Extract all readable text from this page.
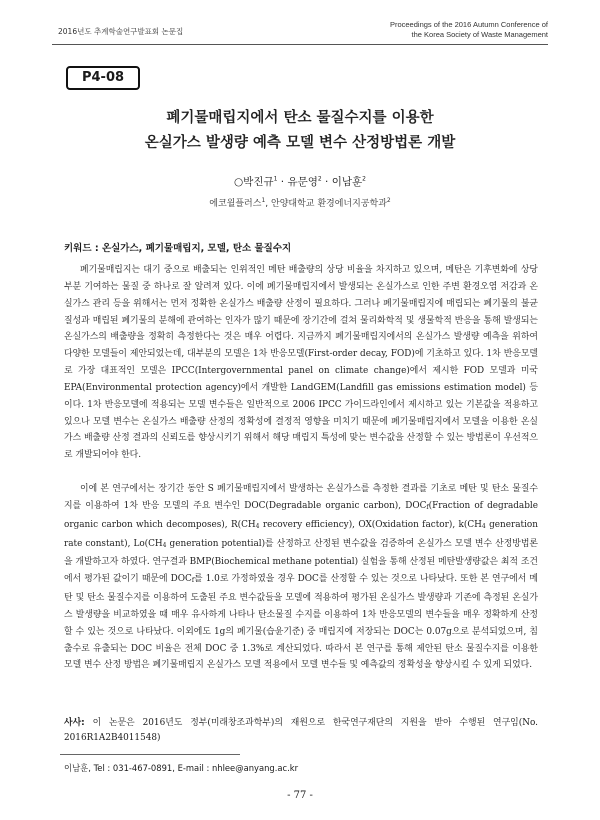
2016년도 추계학술연구발표회 논문집
Proceedings of the 2016 Autumn Conference of
the Korea Society of Waste Management
P4-08
폐기물매립지에서 탄소 물질수지를 이용한
온실가스 발생량 예측 모델 변수 산정방법론 개발
○박진규$^1$ · 유문영$^2$ · 이남훈$^2$
에코윌플러스$^1$, 안양대학교 환경에너지공학과$^2$
키워드 : 온실가스, 폐기물매립지, 모델, 탄소 물질수지

폐기물매립지는 대기 중으로 배출되는 인위적인 메탄 배출량의 상당 비율을 차지하고 있으며, 메탄은 기후변화에 상당부분 기여하는 물질 중 하나로 잘 알려져 있다. 이에 폐기물매립지에서 발생되는 온실가스로 인한 주변 환경오염 저감과 온실가스 관리 등을 위해서는 먼저 정확한 온실가스 배출량 산정이 필요하다. 그러나 폐기물매립지에 매립되는 폐기물의 불균질성과 매립된 폐기물의 분해에 관여하는 인자가 많기 때문에 장기간에 걸쳐 물리화학적 및 생물학적 반응을 통해 발생되는 온실가스의 배출량을 정확히 측정한다는 것은 매우 어렵다. 지금까지 폐기물매립지에서의 온실가스 발생량 예측을 위하여 다양한 모델들이 제안되었는데, 대부분의 모델은 1차 반응모델(First-order decay, FOD)에 기초하고 있다. 1차 반응모델로 가장 대표적인 모델은 IPCC(Intergovernmental panel on climate change)에서 제시한 FOD 모델과 미국 EPA(Environmental protection agency)에서 개발한 LandGEM(Landfill gas emissions estimation model) 등이다. 1차 반응모델에 적용되는 모델 변수들은 일반적으로 2006 IPCC 가이드라인에서 제시하고 있는 기본값을 적용하고 있으나 모델 변수는 온실가스 배출량 산정의 정확성에 결정적 영향을 미치기 때문에 폐기물매립지에서 모델을 이용한 온실가스 배출량 산정 결과의 신뢰도를 향상시키기 위해서 해당 매립지 특성에 맞는 변수값을 산정할 수 있는 방법론이 우선적으로 개발되어야 한다.

이에 본 연구에서는 장기간 동안 S 폐기물매립지에서 발생하는 온실가스를 측정한 결과를 기초로 메탄 및 탄소 물질수지를 이용하여 1차 반응 모델의 주요 변수인 DOC(Degradable organic carbon), $DOC_f(Fraction$ of degradable organic carbon which decomposes), $R(CH_4$ recovery efficiency), OX(Oxidation factor), $k(CH_4$ generation rate constant), $Lo(CH_4$ generation potential)를 산정하고 산정된 변수값을 검증하여 온실가스 모델 변수 산정방법론을 개발하고자 하였다. 연구결과 BMP(Biochemical methane potential) 실험을 통해 산정된 메탄발생량값은 최적 조건에서 평가된 값이기 때문에 $DOC_f$를 1.0로 가정하였을 경우 DOC를 산정할 수 있는 것으로 나타났다. 또한 본 연구에서 메탄 및 탄소 물질수지를 이용하여 도출된 주요 변수값들을 모델에 적용하여 평가된 온실가스 발생량과 기존에 측정된 온실가스 발생량을 비교하였을 때 매우 유사하게 나타나 탄소물질 수지를 이용하여 1차 반응모델의 변수들을 매우 정확하게 산정할 수 있는 것으로 나타났다. 이외에도 1g의 폐기물(습윤기준) 중 매립지에 저장되는 DOC는 0.07g으로 분석되었으며, 침출수로 유출되는 DOC 비율은 전체 DOC 중 1.3%로 계산되었다. 따라서 본 연구를 통해 제안된 탄소 물질수지를 이용한 모델 변수 산정 방법은 폐기물매립지 온실가스 모델 적용에서 모델 변수들 및 예측값의 정확성을 향상시킬 수 있게 되었다.

사사: 이 논문은 2016년도 정부(미래창조과학부)의 재원으로 한국연구재단의 지원을 받아 수행된 연구임(No. 2016R1A2B4011548)
이남훈, Tel : 031-467-0891, E-mail : nhlee@anyang.ac.kr
- 77 -
